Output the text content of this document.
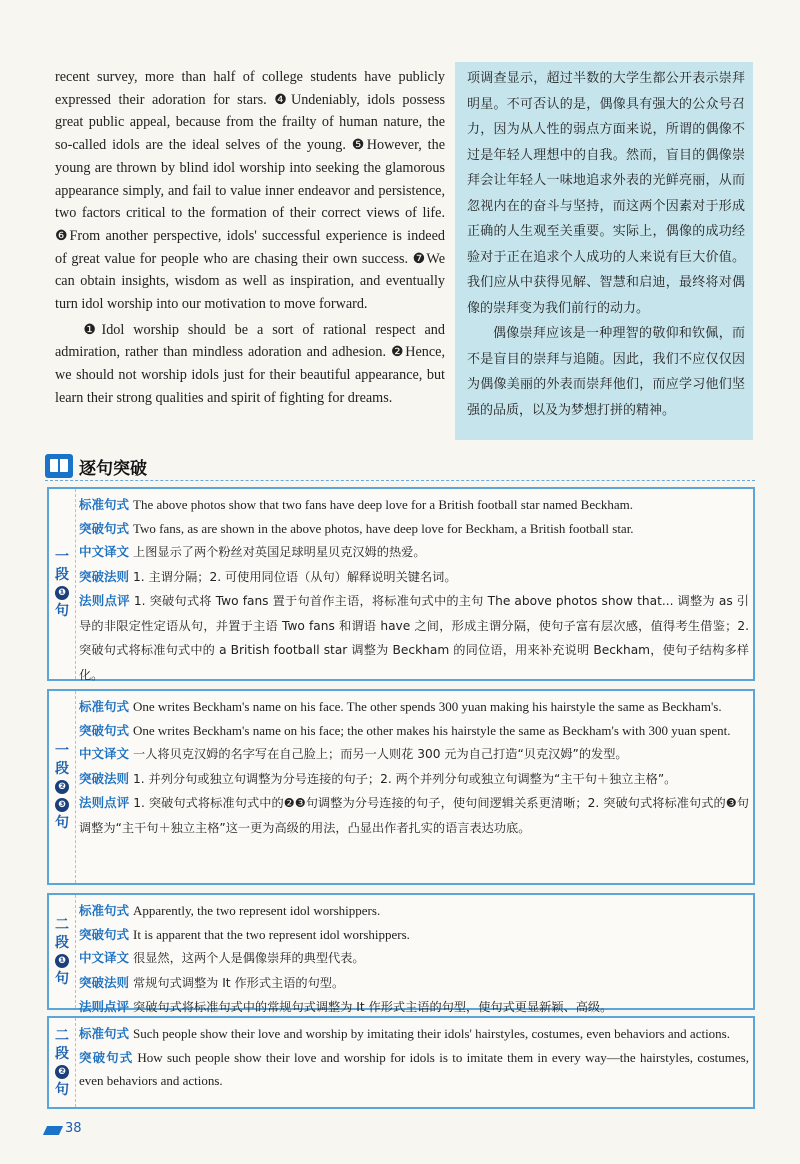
recent survey, more than half of college students have publicly expressed their adoration for stars. ❹Undeniably, idols possess great public appeal, because from the frailty of human nature, the so-called idols are the ideal selves of the young. ❺However, the young are thrown by blind idol worship into seeking the glamorous appearance simply, and fail to value inner endeavor and persistence, two factors critical to the formation of their correct views of life. ❻From another perspective, idols' successful experience is indeed of great value for people who are chasing their own success. ❼We can obtain insights, wisdom as well as inspiration, and eventually turn idol worship into our motivation to move forward.

❶Idol worship should be a sort of rational respect and admiration, rather than mindless adoration and adhesion. ❷Hence, we should not worship idols just for their beautiful appearance, but learn their strong qualities and spirit of fighting for dreams.

项调查显示，超过半数的大学生都公开表示崇拜明星。不可否认的是，偶像具有强大的公众号召力，因为从人性的弱点方面来说，所谓的偶像不过是年轻人理想中的自我。然而，盲目的偶像崇拜会让年轻人一味地追求外表的光鲜亮丽，从而忽视内在的奋斗与坚持，而这两个因素对于形成正确的人生观至关重要。实际上，偶像的成功经验对于正在追求个人成功的人来说有巨大价值。我们应从中获得见解、智慧和启迪，最终将对偶像的崇拜变为我们前行的动力。

偶像崇拜应该是一种理智的敬仰和钦佩，而不是盲目的崇拜与追随。因此，我们不应仅仅因为偶像美丽的外表而崇拜他们，而应学习他们坚强的品质，以及为梦想打拼的精神。

逐句突破
一
段
❶
句
标准句式 The above photos show that two fans have deep love for a British football star named Beckham.
突破句式 Two fans, as are shown in the above photos, have deep love for Beckham, a British football star.
中文译文 上图显示了两个粉丝对英国足球明星贝克汉姆的热爱。
突破法则 1. 主谓分隔；2. 可使用同位语（从句）解释说明关键名词。
法则点评 1. 突破句式将 Two fans 置于句首作主语，将标准句式中的主句 The above photos show that... 调整为 as 引导的非限定性定语从句，并置于主语 Two fans 和谓语 have 之间，形成主谓分隔，使句子富有层次感，值得考生借鉴；2. 突破句式将标准句式中的 a British football star 调整为 Beckham 的同位语，用来补充说明 Beckham，使句子结构多样化。
一
段
❷
❸
句
标准句式 One writes Beckham's name on his face. The other spends 300 yuan making his hairstyle the same as Beckham's.
突破句式 One writes Beckham's name on his face; the other makes his hairstyle the same as Beckham's with 300 yuan spent.
中文译文 一人将贝克汉姆的名字写在自己脸上；而另一人则花 300 元为自己打造“贝克汉姆”的发型。
突破法则 1. 并列分句或独立句调整为分号连接的句子；2. 两个并列分句或独立句调整为“主干句＋独立主格”。
法则点评 1. 突破句式将标准句式中的❷❸句调整为分号连接的句子，使句间逻辑关系更清晰；2. 突破句式将标准句式的❸句调整为“主干句＋独立主格”这一更为高级的用法，凸显出作者扎实的语言表达功底。
二
段
❶
句
标准句式 Apparently, the two represent idol worshippers.
突破句式 It is apparent that the two represent idol worshippers.
中文译文 很显然，这两个人是偶像崇拜的典型代表。
突破法则 常规句式调整为 It 作形式主语的句型。
法则点评 突破句式将标准句式中的常规句式调整为 It 作形式主语的句型，使句式更显新颖、高级。
二
段
❷
句
标准句式 Such people show their love and worship by imitating their idols' hairstyles, costumes, even behaviors and actions.
突破句式 How such people show their love and worship for idols is to imitate them in every way—the hairstyles, costumes, even behaviors and actions.
38
